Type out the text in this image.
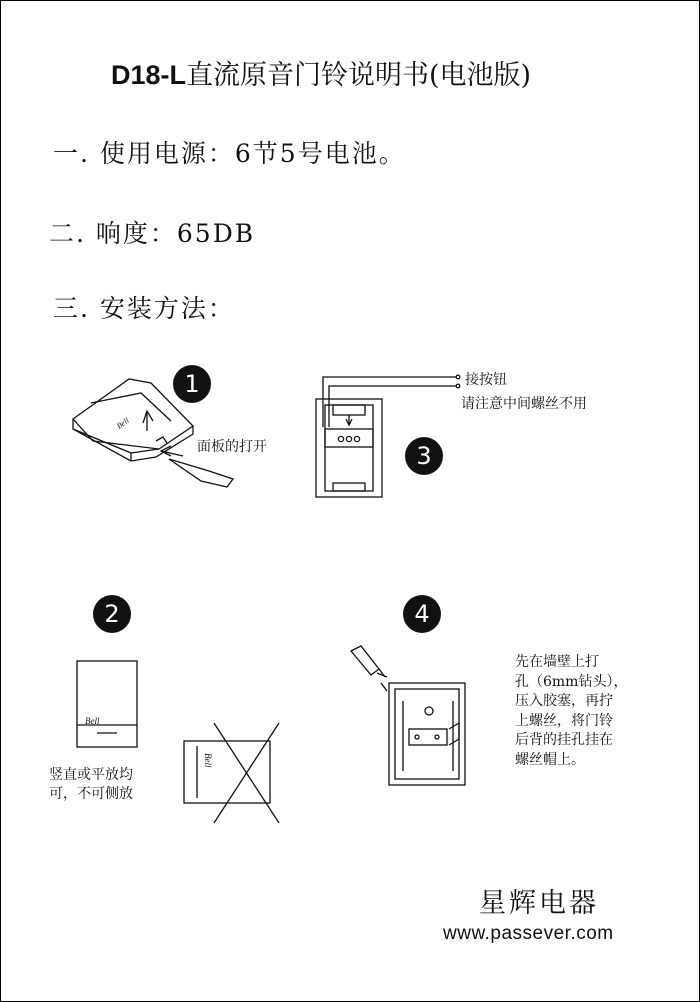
D18-L直流原音门铃说明书(电池版)
一. 使用电源：6节5号电池。
二. 响度：65DB
三. 安装方法：
Bell
Bell
Bell
1
3
2	4
面板的打开
接按钮
请注意中间螺丝不用
竖直或平放均
可，不可侧放
先在墙壁上打
孔（6mm钻头），
压入胶塞，再拧
上螺丝，将门铃
后背的挂孔挂在
螺丝帽上。
星辉电器
www.passever.com
